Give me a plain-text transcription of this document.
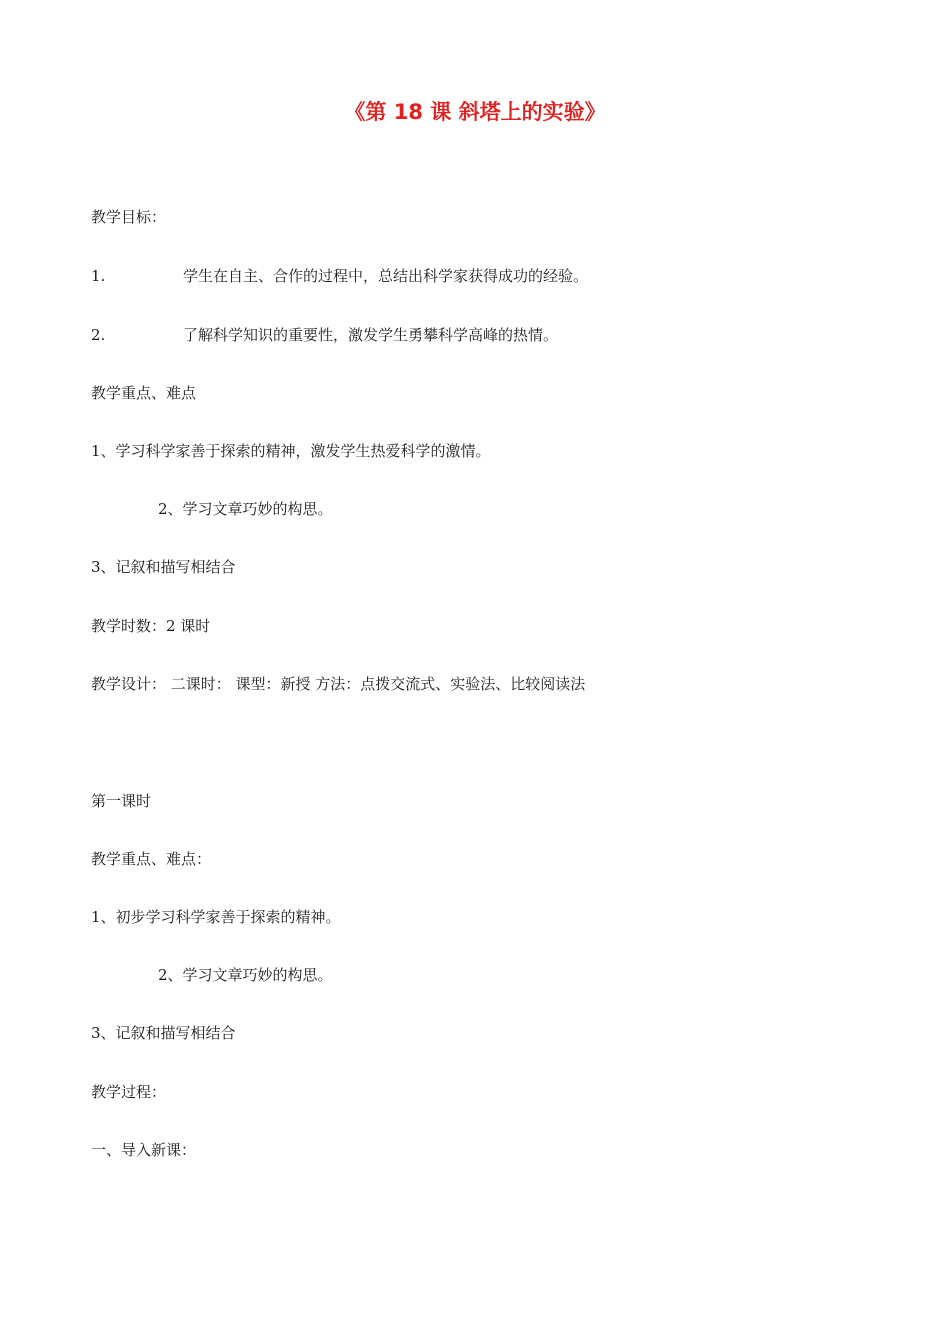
《第 18 课 斜塔上的实验》
教学目标：
1.	学生在自主、合作的过程中，总结出科学家获得成功的经验。
2.	了解科学知识的重要性，激发学生勇攀科学高峰的热情。
教学重点、难点
1、学习科学家善于探索的精神，激发学生热爱科学的激情。
2、学习文章巧妙的构思。
3、记叙和描写相结合
教学时数：2 课时
教学设计： 二课时： 课型：新授 方法：点拨交流式、实验法、比较阅读法
第一课时
教学重点、难点：
1、初步学习科学家善于探索的精神。
2、学习文章巧妙的构思。
3、记叙和描写相结合
教学过程：
一、导入新课：
